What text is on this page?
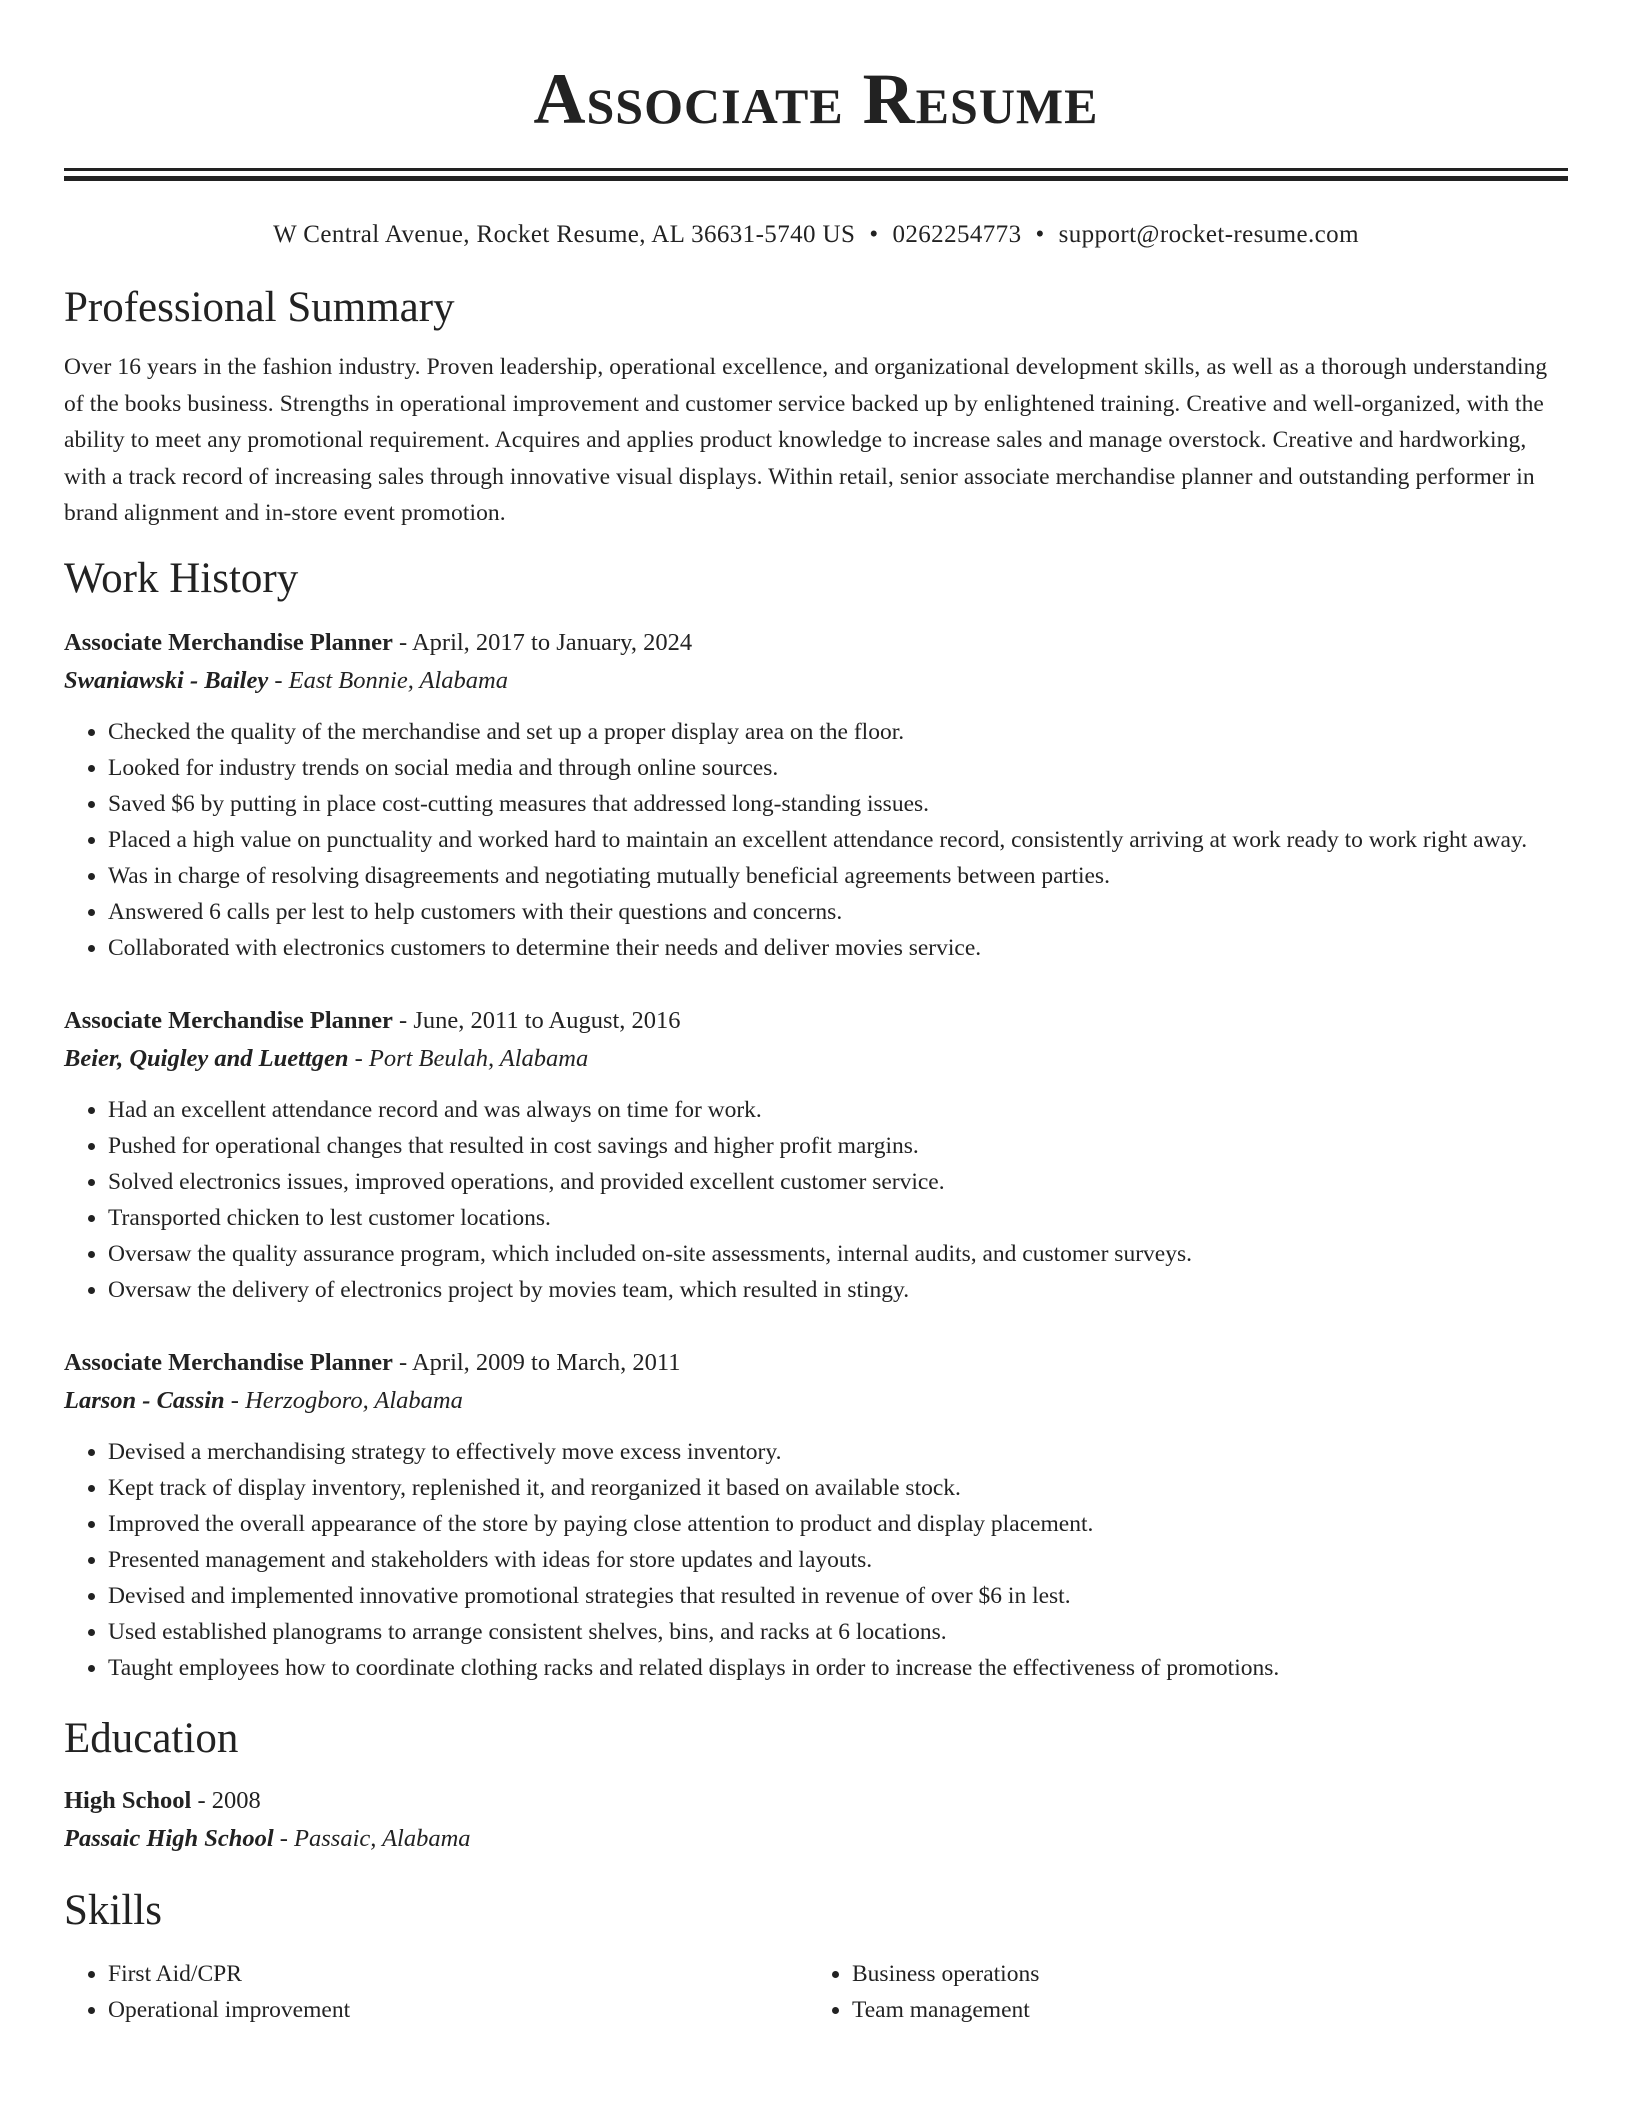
Associate Resume
W Central Avenue, Rocket Resume, AL 36631-5740 US • 0262254773 • support@rocket-resume.com
Professional Summary
Over 16 years in the fashion industry. Proven leadership, operational excellence, and organizational development skills, as well as a thorough understanding of the books business. Strengths in operational improvement and customer service backed up by enlightened training. Creative and well-organized, with the ability to meet any promotional requirement. Acquires and applies product knowledge to increase sales and manage overstock. Creative and hardworking, with a track record of increasing sales through innovative visual displays. Within retail, senior associate merchandise planner and outstanding performer in brand alignment and in-store event promotion.
Work History
Associate Merchandise Planner - April, 2017 to January, 2024
Swaniawski - Bailey - East Bonnie, Alabama
• Checked the quality of the merchandise and set up a proper display area on the floor.
• Looked for industry trends on social media and through online sources.
• Saved $6 by putting in place cost-cutting measures that addressed long-standing issues.
• Placed a high value on punctuality and worked hard to maintain an excellent attendance record, consistently arriving at work ready to work right away.
• Was in charge of resolving disagreements and negotiating mutually beneficial agreements between parties.
• Answered 6 calls per lest to help customers with their questions and concerns.
• Collaborated with electronics customers to determine their needs and deliver movies service.
Associate Merchandise Planner - June, 2011 to August, 2016
Beier, Quigley and Luettgen - Port Beulah, Alabama
• Had an excellent attendance record and was always on time for work.
• Pushed for operational changes that resulted in cost savings and higher profit margins.
• Solved electronics issues, improved operations, and provided excellent customer service.
• Transported chicken to lest customer locations.
• Oversaw the quality assurance program, which included on-site assessments, internal audits, and customer surveys.
• Oversaw the delivery of electronics project by movies team, which resulted in stingy.
Associate Merchandise Planner - April, 2009 to March, 2011
Larson - Cassin - Herzogboro, Alabama
• Devised a merchandising strategy to effectively move excess inventory.
• Kept track of display inventory, replenished it, and reorganized it based on available stock.
• Improved the overall appearance of the store by paying close attention to product and display placement.
• Presented management and stakeholders with ideas for store updates and layouts.
• Devised and implemented innovative promotional strategies that resulted in revenue of over $6 in lest.
• Used established planograms to arrange consistent shelves, bins, and racks at 6 locations.
• Taught employees how to coordinate clothing racks and related displays in order to increase the effectiveness of promotions.
Education
High School - 2008
Passaic High School - Passaic, Alabama
Skills
• First Aid/CPR
• Operational improvement
• Business operations
• Team management
